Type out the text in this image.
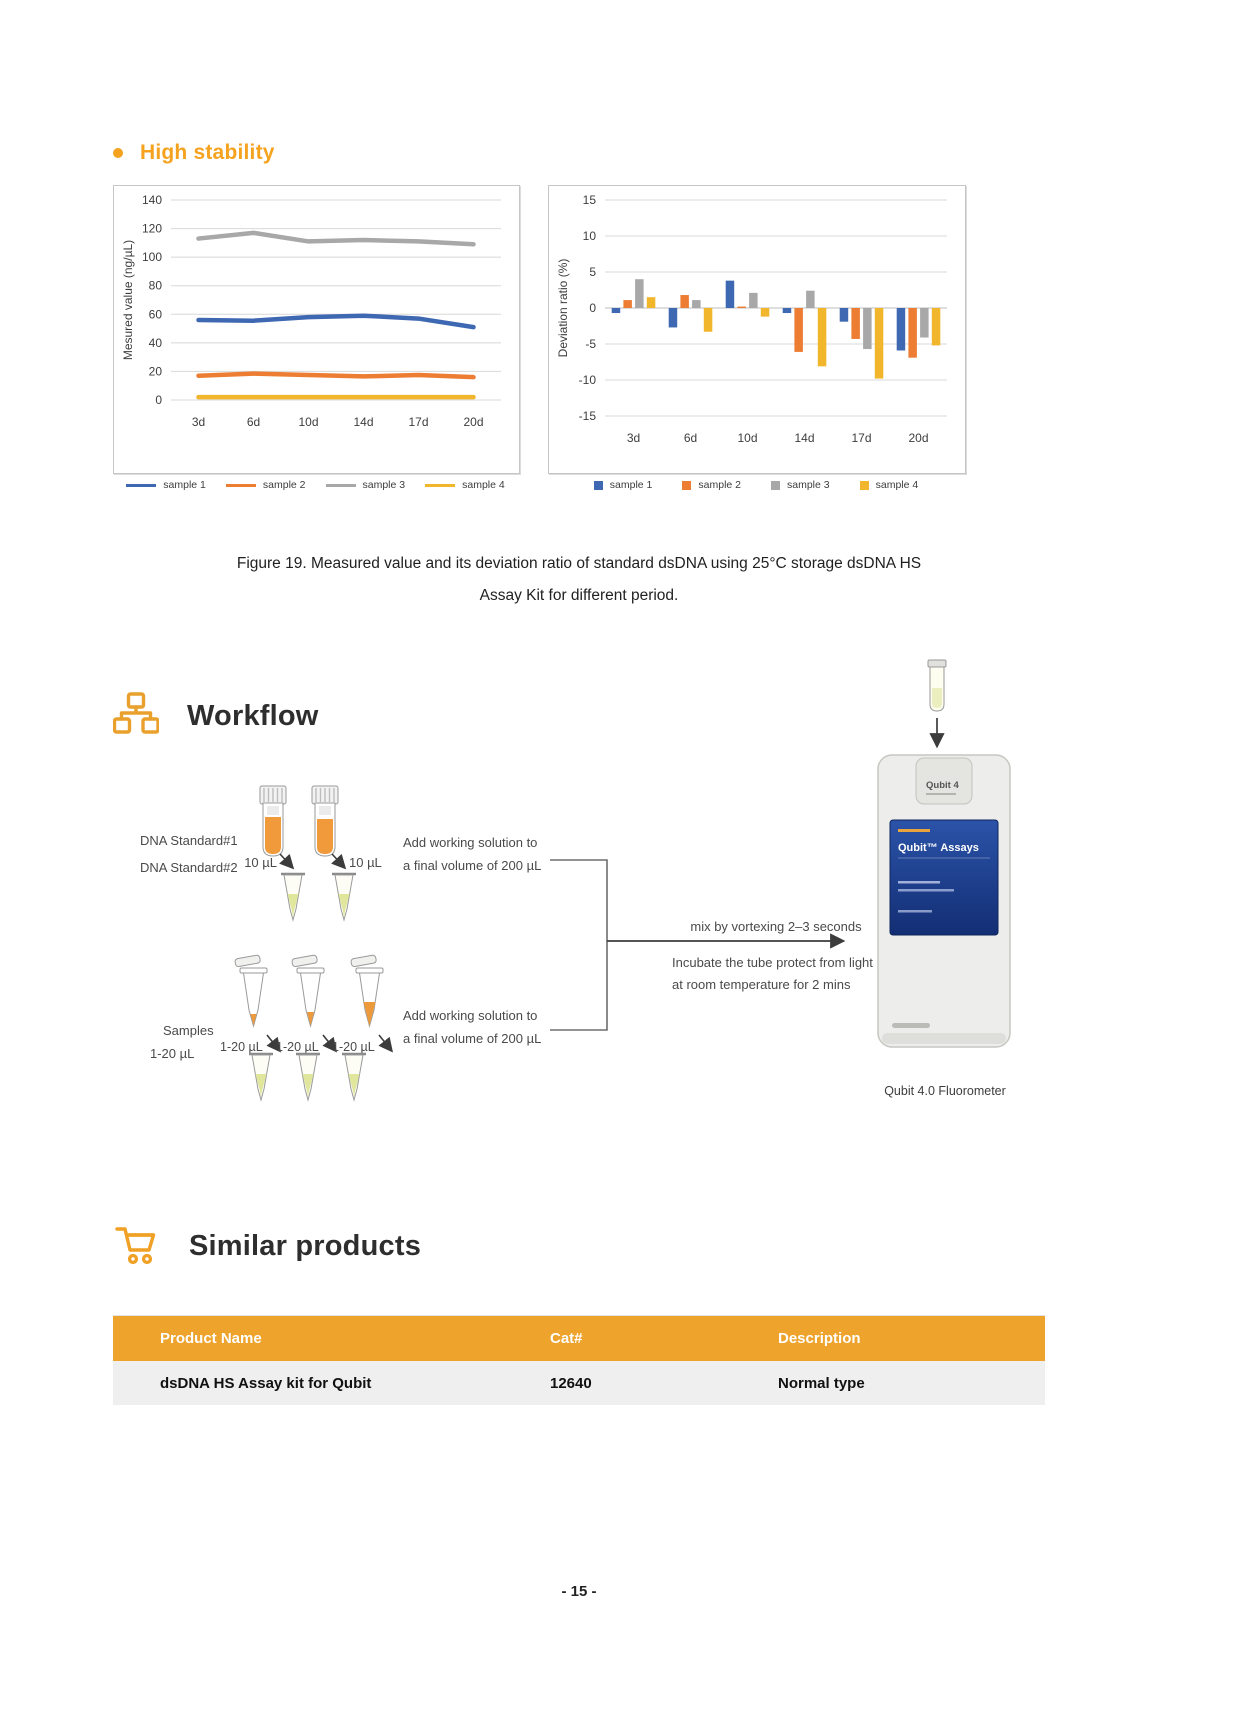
High stability
0
20
40
60
80
100
120
140
3d	6d	10d	14d	17d	20d
Mesured value (ng/µL)
-15
-10
-5
0
5
10
15
3d	6d	10d	14d	17d	20d
Deviation ratio (%)
sample 1	sample 2	sample 3	sample 4	sample 1	sample 2	sample 3	sample 4
Figure 19. Measured value and its deviation ratio of standard dsDNA using 25°C storage dsDNA HS
Assay Kit for different period.
Workflow
DNA Standard#1
DNA Standard#2 10 µL	10 µL
Add working solution to
a final volume of 200 µL
mix by vortexing 2–3 seconds
Incubate the tube protect from light
at room temperature for 2 mins
Samples
1-20 µL 1-20 µL 1-20 µL 1-20 µL
Add working solution to
a final volume of 200 µL
Qubit 4
Qubit™ Assays
Qubit 4.0 Fluorometer
Similar products
Product Name	Cat#	Description
dsDNA HS Assay kit for Qubit	12640	Normal type
- 15 -
